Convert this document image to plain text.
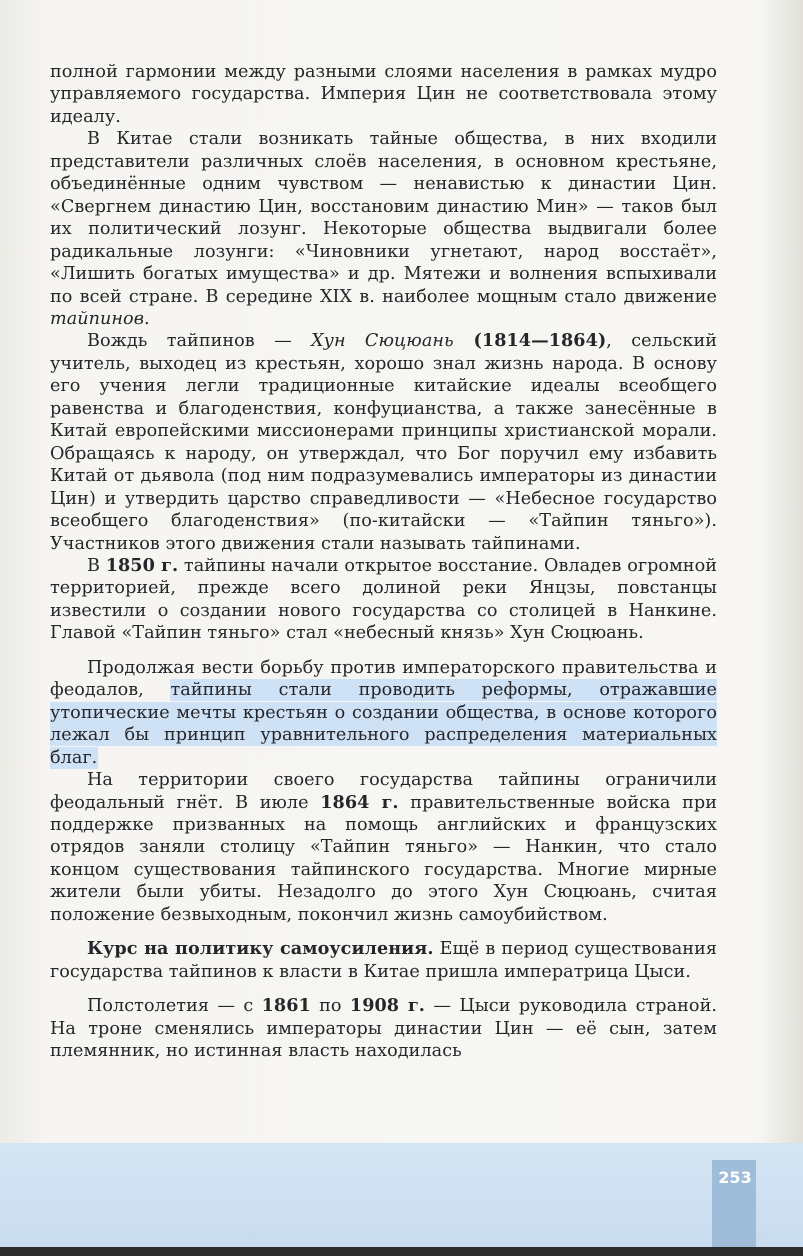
полной гармонии между разными слоями населения в рамках мудро управляемого государства. Империя Цин не соответствовала этому идеалу.

В Китае стали возникать тайные общества, в них входили представители различных слоёв населения, в основном крестьяне, объединённые одним чувством — ненавистью к династии Цин. «Свергнем династию Цин, восстановим династию Мин» — таков был их политический лозунг. Некоторые общества выдвигали более радикальные лозунги: «Чиновники угнетают, народ восстаёт», «Лишить богатых имущества» и др. Мятежи и волнения вспыхивали по всей стране. В середине XIX в. наиболее мощным стало движение тайпинов.

Вождь тайпинов — Хун Сюцюань (1814—1864), сельский учитель, выходец из крестьян, хорошо знал жизнь народа. В основу его учения легли традиционные китайские идеалы всеобщего равенства и благоденствия, конфуцианства, а также занесённые в Китай европейскими миссионерами принципы христианской морали. Обращаясь к народу, он утверждал, что Бог поручил ему избавить Китай от дьявола (под ним подразумевались императоры из династии Цин) и утвердить царство справедливости — «Небесное государство всеобщего благоденствия» (по-китайски — «Тайпин тяньго»). Участников этого движения стали называть тайпинами.

В 1850 г. тайпины начали открытое восстание. Овладев огромной территорией, прежде всего долиной реки Янцзы, повстанцы известили о создании нового государства со столицей в Нанкине. Главой «Тайпин тяньго» стал «небесный князь» Хун Сюцюань.

Продолжая вести борьбу против императорского правительства и феодалов, тайпины стали проводить реформы, отражавшие утопические мечты крестьян о создании общества, в основе которого лежал бы принцип уравнительного распределения материальных благ.

На территории своего государства тайпины ограничили феодальный гнёт. В июле 1864 г. правительственные войска при поддержке призванных на помощь английских и французских отрядов заняли столицу «Тайпин тяньго» — Нанкин, что стало концом существования тайпинского государства. Многие мирные жители были убиты. Незадолго до этого Хун Сюцюань, считая положение безвыходным, покончил жизнь самоубийством.

Курс на политику самоусиления. Ещё в период существования государства тайпинов к власти в Китае пришла императрица Цыси.

Полстолетия — с 1861 по 1908 г. — Цыси руководила страной. На троне сменялись императоры династии Цин — её сын, затем племянник, но истинная власть находилась

253
